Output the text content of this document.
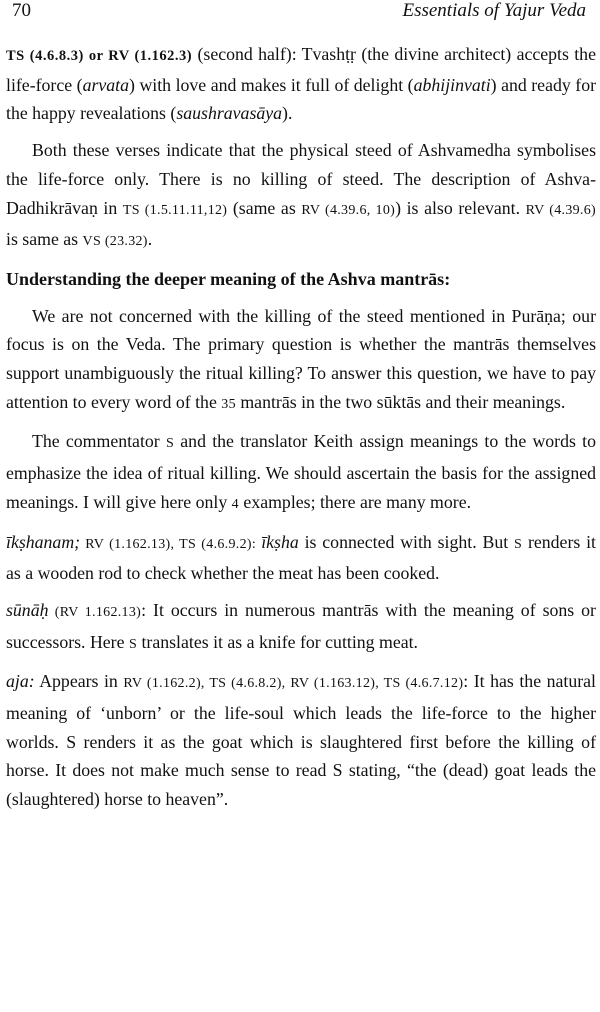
70	Essentials of Yajur Veda

TS (4.6.8.3) or RV (1.162.3) (second half): Tvashṭṛ (the divine architect) accepts the life-force (arvata) with love and makes it full of delight (abhijinvati) and ready for the happy revealations (saushravasāya).

Both these verses indicate that the physical steed of Ashvamedha symbolises the life-force only. There is no killing of steed. The description of Ashva-Dadhikrāvaṇ in TS (1.5.11.11,12) (same as RV (4.39.6, 10)) is also relevant. RV (4.39.6) is same as VS (23.32).

Understanding the deeper meaning of the Ashva mantrās:

We are not concerned with the killing of the steed mentioned in Purāṇa; our focus is on the Veda. The primary question is whether the mantrās themselves support unambiguously the ritual killing? To answer this question, we have to pay attention to every word of the 35 mantrās in the two sūktās and their meanings.

The commentator S and the translator Keith assign meanings to the words to emphasize the idea of ritual killing. We should ascertain the basis for the assigned meanings. I will give here only 4 examples; there are many more.

īkṣhanam; RV (1.162.13), TS (4.6.9.2): īkṣha is connected with sight. But S renders it as a wooden rod to check whether the meat has been cooked.

sūnāḥ (RV 1.162.13): It occurs in numerous mantrās with the meaning of sons or successors. Here S translates it as a knife for cutting meat.

aja: Appears in RV (1.162.2), TS (4.6.8.2), RV (1.163.12), TS (4.6.7.12): It has the natural meaning of ‘unborn’ or the life-soul which leads the life-force to the higher worlds. S renders it as the goat which is slaughtered first before the killing of horse. It does not make much sense to read S stating, “the (dead) goat leads the (slaughtered) horse to heaven”.
